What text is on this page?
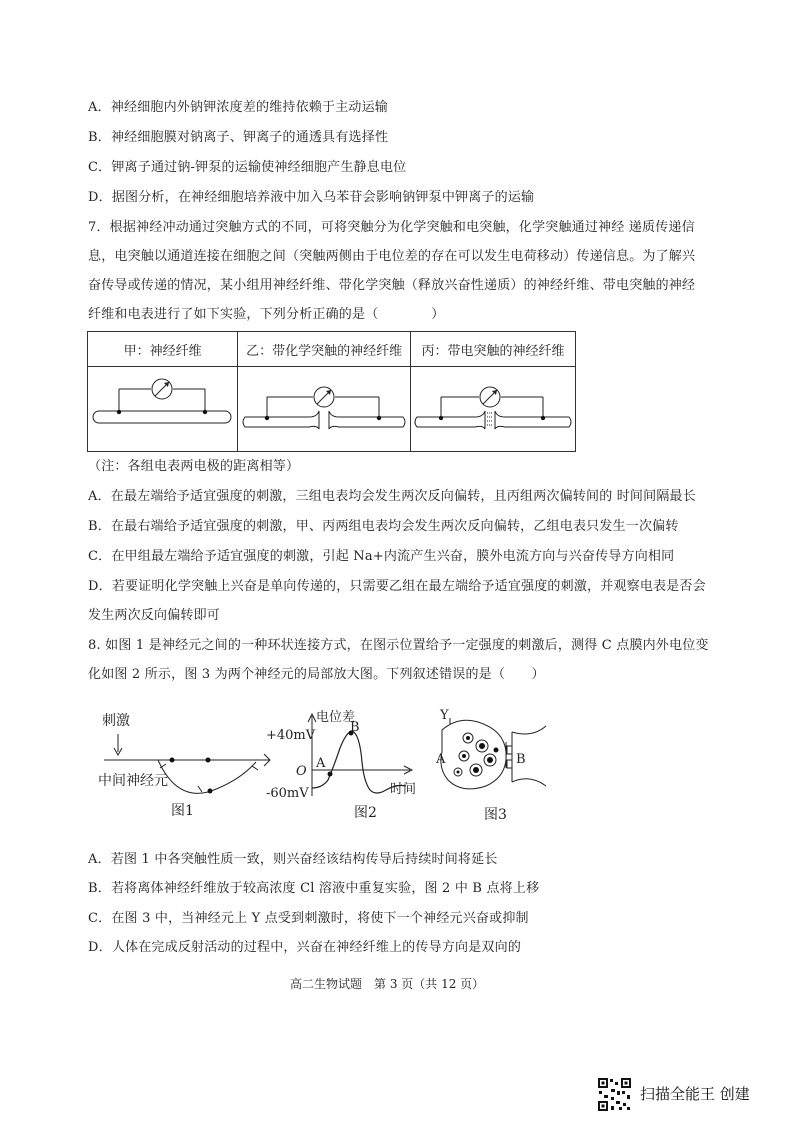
A．神经细胞内外钠钾浓度差的维持依赖于主动运输
B．神经细胞膜对钠离子、钾离子的通透具有选择性
C．钾离子通过钠-钾泵的运输使神经细胞产生静息电位
D．据图分析，在神经细胞培养液中加入乌苯苷会影响钠钾泵中钾离子的运输
7．根据神经冲动通过突触方式的不同，可将突触分为化学突触和电突触，化学突触通过神经 递质传递信
息，电突触以通道连接在细胞之间（突触两侧由于电位差的存在可以发生电荷移动）传递信息。为了解兴
奋传导或传递的情况，某小组用神经纤维、带化学突触（释放兴奋性递质）的神经纤维、带电突触的神经
纤维和电表进行了如下实验，下列分析正确的是（　　　　）
甲：神经纤维	乙：带化学突触的神经纤维	丙：带电突触的神经纤维

（注：各组电表两电极的距离相等）
A．在最左端给予适宜强度的刺激，三组电表均会发生两次反向偏转，且丙组两次偏转间的 时间间隔最长
B．在最右端给予适宜强度的刺激，甲、丙两组电表均会发生两次反向偏转，乙组电表只发生一次偏转
C．在甲组最左端给予适宜强度的刺激，引起 Na+内流产生兴奋，膜外电流方向与兴奋传导方向相同
D．若要证明化学突触上兴奋是单向传递的，只需要乙组在最左端给予适宜强度的刺激，并观察电表是否会
发生两次反向偏转即可
8. 如图 1 是神经元之间的一种环状连接方式，在图示位置给予一定强度的刺激后，测得 C 点膜内外电位变
化如图 2 所示，图 3 为两个神经元的局部放大图。下列叙述错误的是（　　）
刺激
中间神经元
图1
电位差
+40mV
-60mV
O
A
B
时间
图2
Y
A	B
图3
A．若图 1 中各突触性质一致，则兴奋经该结构传导后持续时间将延长
B．若将离体神经纤维放于较高浓度 Cl 溶液中重复实验，图 2 中 B 点将上移
C．在图 3 中，当神经元上 Y 点受到刺激时，将使下一个神经元兴奋或抑制
D．人体在完成反射活动的过程中，兴奋在神经纤维上的传导方向是双向的
高二生物试题　第 3 页（共 12 页）
扫描全能王 创建
